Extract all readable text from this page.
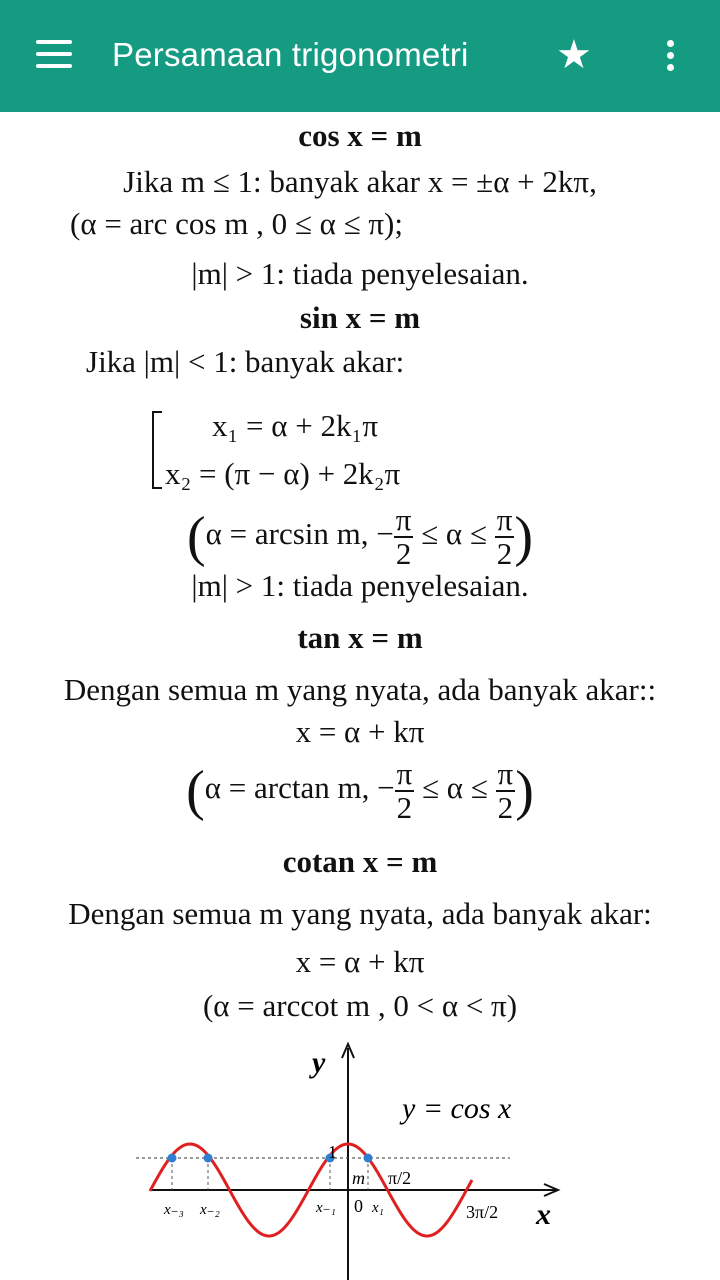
Persamaan trigonometri ★
cos x = m
Jika m ≤ 1: banyak akar x = ±α + 2kπ,
(α = arc cos m , 0 ≤ α ≤ π);
|m| > 1: tiada penyelesaian.
sin x = m
Jika |m| < 1: banyak akar:
x₁ = α + 2k₁π
x₂ = (π − α) + 2k₂π
(α = arcsin m, − $\frac{\pi}{2} \le \alpha \le \frac{\pi}{2}$ )
|m| > 1: tiada penyelesaian.
tan x = m
Dengan semua m yang nyata, ada banyak akar::
x = α + kπ
(α = arctan m, − $\frac{\pi}{2} \le \alpha \le \frac{\pi}{2}$ )
cotan x = m
Dengan semua m yang nyata, ada banyak akar:
x = α + kπ
(α = arccot m , 0 < α < π)
y
x
y = cos x
1
m
0
π/2
3π/2
x₋₃ x₋₂	x₋₁ x₁
